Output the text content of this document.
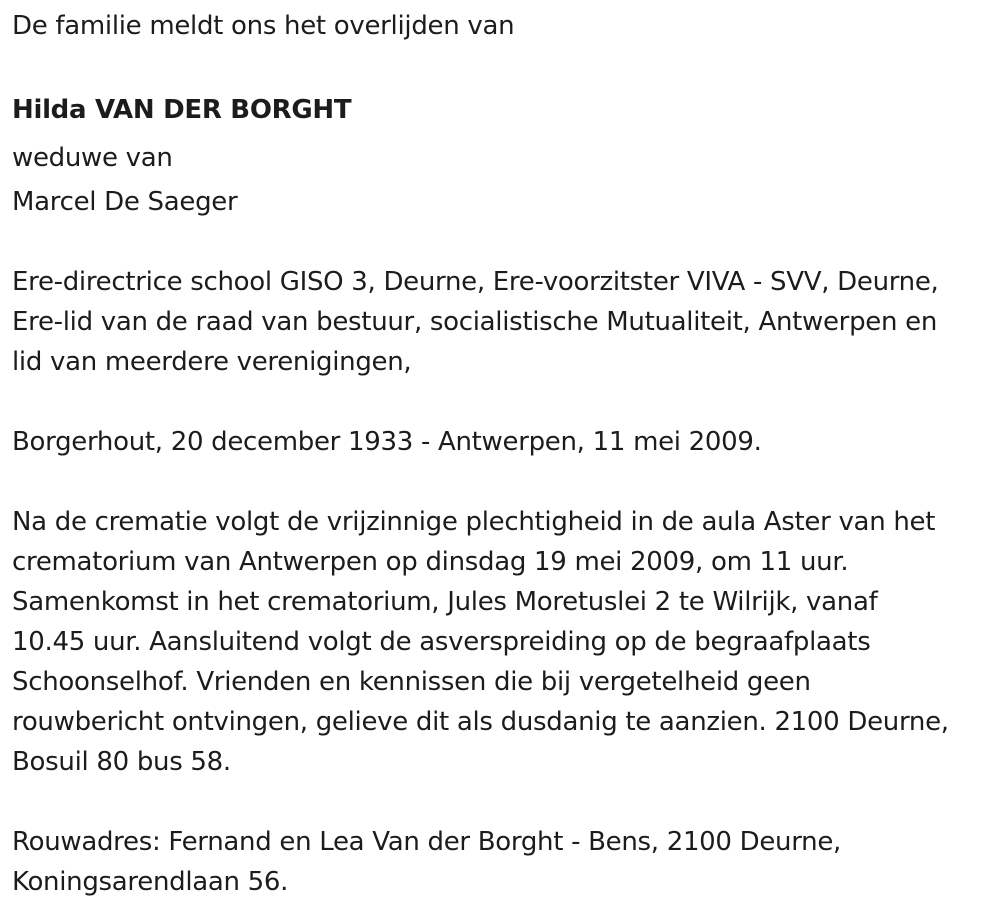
De familie meldt ons het overlijden van
Hilda VAN DER BORGHT
weduwe van
Marcel De Saeger

Ere-directrice school GISO 3, Deurne, Ere-voorzitster VIVA - SVV, Deurne,

Ere-lid van de raad van bestuur, socialistische Mutualiteit, Antwerpen en

lid van meerdere verenigingen,

Borgerhout, 20 december 1933 - Antwerpen, 11 mei 2009.

Na de crematie volgt de vrijzinnige plechtigheid in de aula Aster van het

crematorium van Antwerpen op dinsdag 19 mei 2009, om 11 uur.

Samenkomst in het crematorium, Jules Moretuslei 2 te Wilrijk, vanaf

10.45 uur. Aansluitend volgt de asverspreiding op de begraafplaats

Schoonselhof. Vrienden en kennissen die bij vergetelheid geen

rouwbericht ontvingen, gelieve dit als dusdanig te aanzien. 2100 Deurne,

Bosuil 80 bus 58.

Rouwadres: Fernand en Lea Van der Borght - Bens, 2100 Deurne,

Koningsarendlaan 56.
